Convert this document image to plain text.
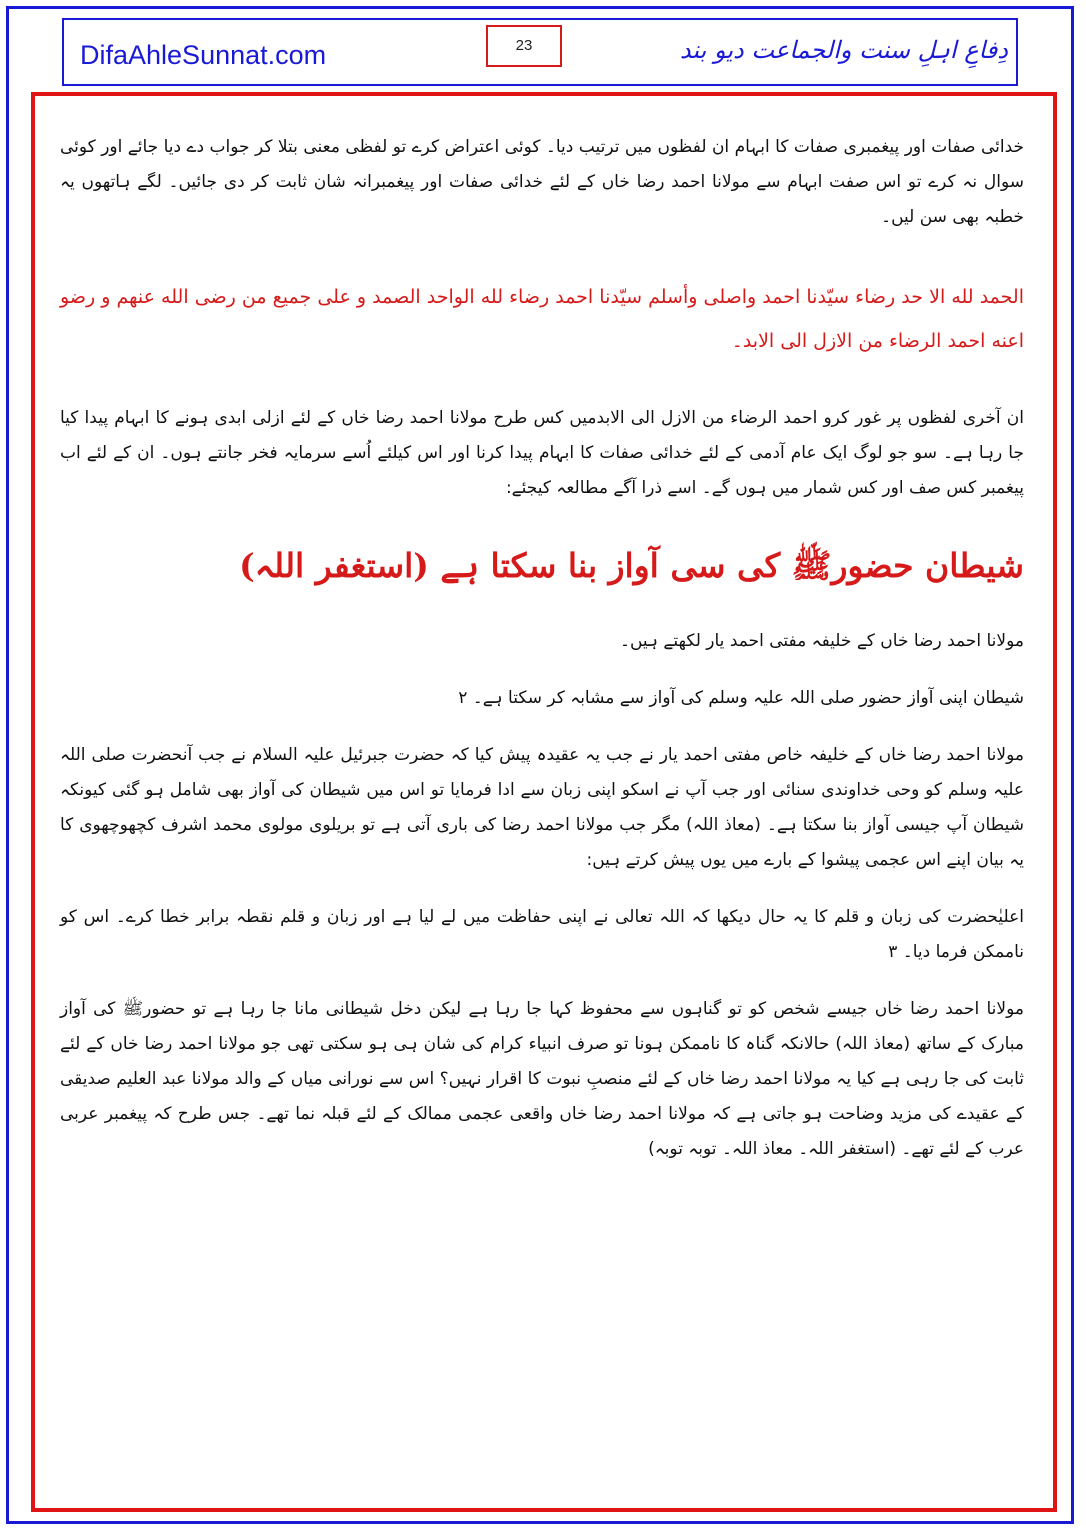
DifaAhleSunnat.com	23	دِفاعِ اہلِ سنت والجماعت دیو بند

خدائی صفات اور پیغمبری صفات کا ابہام ان لفظوں میں ترتیب دیا۔ کوئی اعتراض کرے تو لفظی معنی بتلا کر جواب دے دیا جائے اور کوئی سوال نہ کرے تو اس صفت ابہام سے مولانا احمد رضا خاں کے لئے خدائی صفات اور پیغمبرانہ شان ثابت کر دی جائیں۔ لگے ہاتھوں یہ خطبہ بھی سن لیں۔

الحمد لله الا حد رضاء سيّدنا احمد واصلى وأسلم سيّدنا احمد رضاء لله الواحد الصمد و على جميع من رضى الله عنهم و رضو اعنه احمد الرضاء من الازل الى الابد۔

ان آخری لفظوں پر غور کرو احمد الرضاء من الازل الی الابدمیں کس طرح مولانا احمد رضا خاں کے لئے ازلی ابدی ہونے کا ابہام پیدا کیا جا رہا ہے۔ سو جو لوگ ایک عام آدمی کے لئے خدائی صفات کا ابہام پیدا کرنا اور اس کیلئے اُسے سرمایہ فخر جانتے ہوں۔ ان کے لئے اب پیغمبر کس صف اور کس شمار میں ہوں گے۔ اسے ذرا آگے مطالعہ کیجئے:

شیطان حضورﷺ کی سی آواز بنا سکتا ہے (استغفر اللہ)

مولانا احمد رضا خاں کے خلیفہ مفتی احمد یار لکھتے ہیں۔

شیطان اپنی آواز حضور صلی اللہ علیہ وسلم کی آواز سے مشابہ کر سکتا ہے۔ ۲

مولانا احمد رضا خاں کے خلیفہ خاص مفتی احمد یار نے جب یہ عقیدہ پیش کیا کہ حضرت جبرئیل علیہ السلام نے جب آنحضرت صلی اللہ علیہ وسلم کو وحی خداوندی سنائی اور جب آپ نے اسکو اپنی زبان سے ادا فرمایا تو اس میں شیطان کی آواز بھی شامل ہو گئی کیونکہ شیطان آپ جیسی آواز بنا سکتا ہے۔ (معاذ اللہ) مگر جب مولانا احمد رضا کی باری آتی ہے تو بریلوی مولوی محمد اشرف کچھوچھوی کا یہ بیان اپنے اس عجمی پیشوا کے بارے میں یوں پیش کرتے ہیں:

اعلیٰحضرت کی زبان و قلم کا یہ حال دیکھا کہ اللہ تعالی نے اپنی حفاظت میں لے لیا ہے اور زبان و قلم نقطہ برابر خطا کرے۔ اس کو ناممکن فرما دیا۔ ۳

مولانا احمد رضا خاں جیسے شخص کو تو گناہوں سے محفوظ کہا جا رہا ہے لیکن دخل شیطانی مانا جا رہا ہے تو حضورﷺ کی آواز مبارک کے ساتھ (معاذ اللہ) حالانکہ گناہ کا ناممکن ہونا تو صرف انبیاء کرام کی شان ہی ہو سکتی تھی جو مولانا احمد رضا خاں کے لئے ثابت کی جا رہی ہے کیا یہ مولانا احمد رضا خاں کے لئے منصبِ نبوت کا اقرار نہیں؟ اس سے نورانی میاں کے والد مولانا عبد العلیم صدیقی کے عقیدے کی مزید وضاحت ہو جاتی ہے کہ مولانا احمد رضا خاں واقعی عجمی ممالک کے لئے قبلہ نما تھے۔ جس طرح کہ پیغمبر عربی عرب کے لئے تھے۔ (استغفر اللہ۔ معاذ اللہ۔ توبہ توبہ)
